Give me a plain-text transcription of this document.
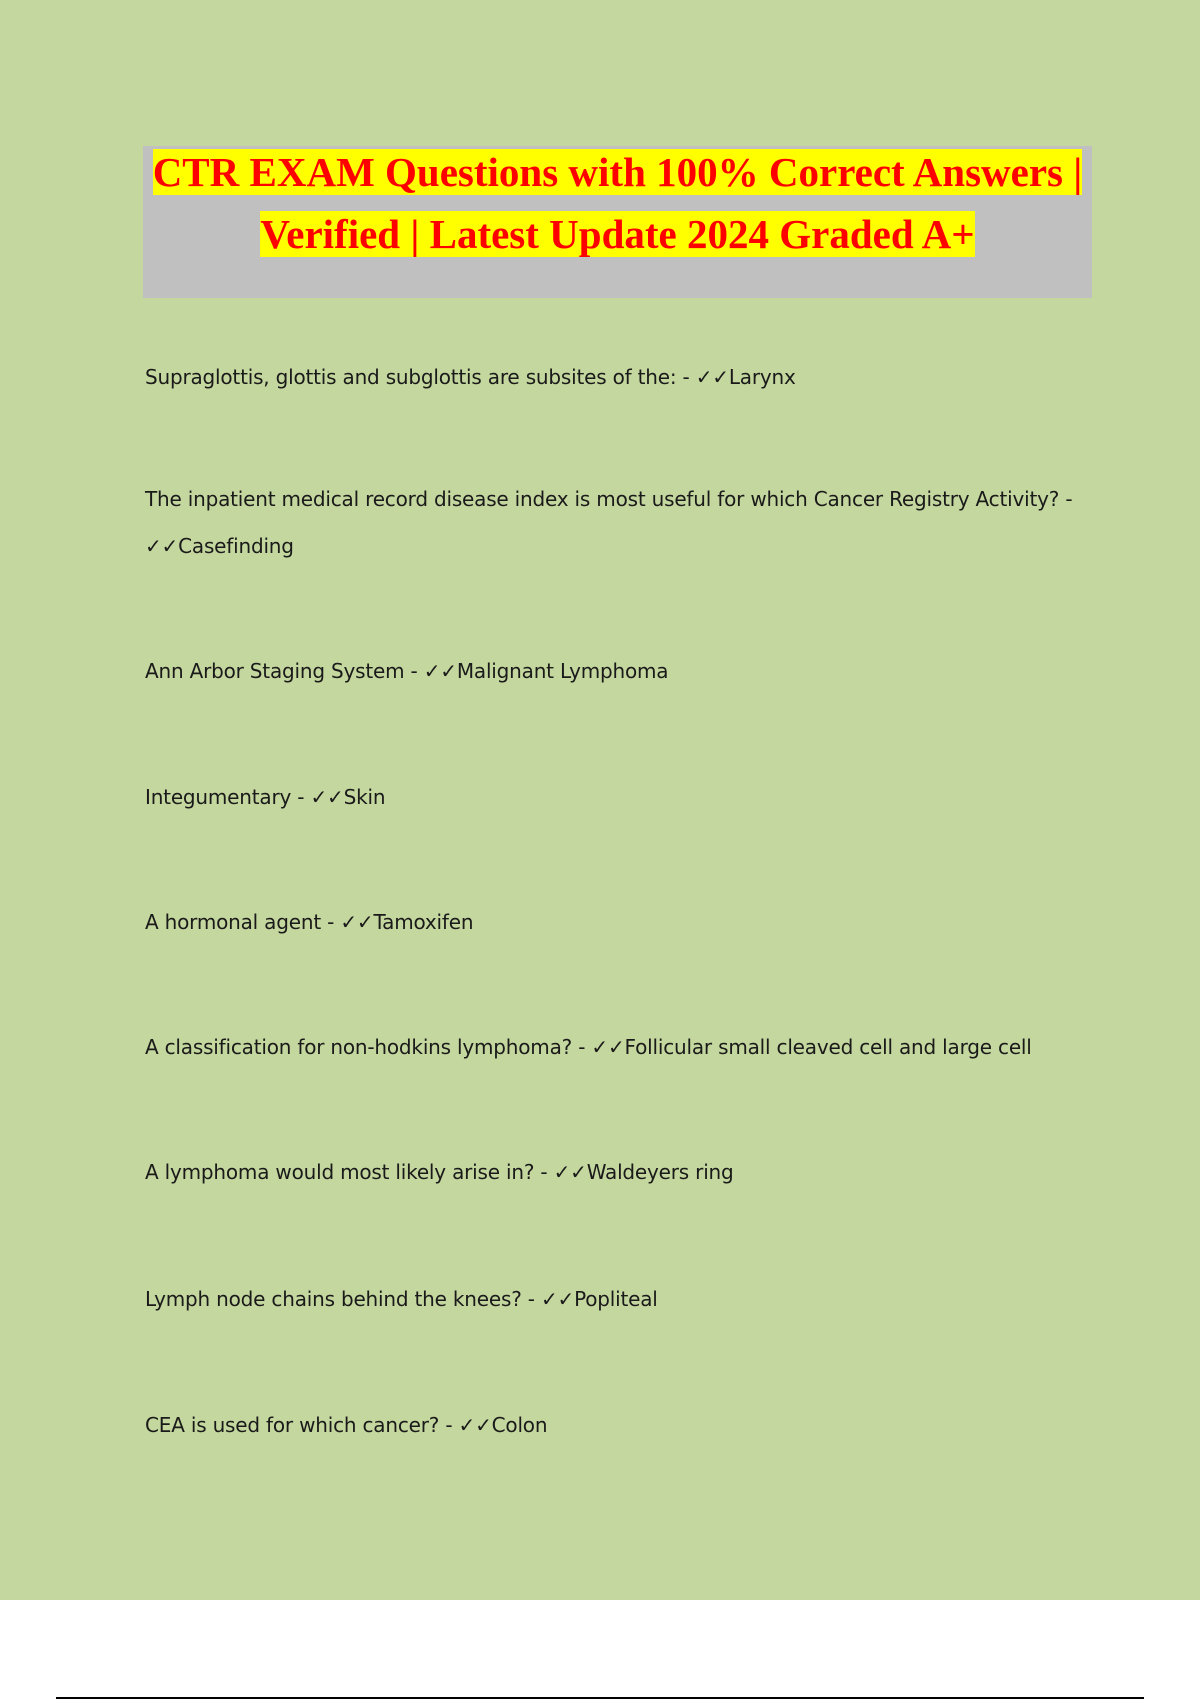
CTR EXAM Questions with 100% Correct Answers | Verified | Latest Update 2024 Graded A+
Supraglottis, glottis and subglottis are subsites of the: - ✓✓Larynx
The inpatient medical record disease index is most useful for which Cancer Registry Activity? - ✓✓Casefinding
Ann Arbor Staging System - ✓✓Malignant Lymphoma
Integumentary - ✓✓Skin
A hormonal agent - ✓✓Tamoxifen
A classification for non-hodkins lymphoma? - ✓✓Follicular small cleaved cell and large cell
A lymphoma would most likely arise in? - ✓✓Waldeyers ring
Lymph node chains behind the knees? - ✓✓Popliteal
CEA is used for which cancer? - ✓✓Colon
